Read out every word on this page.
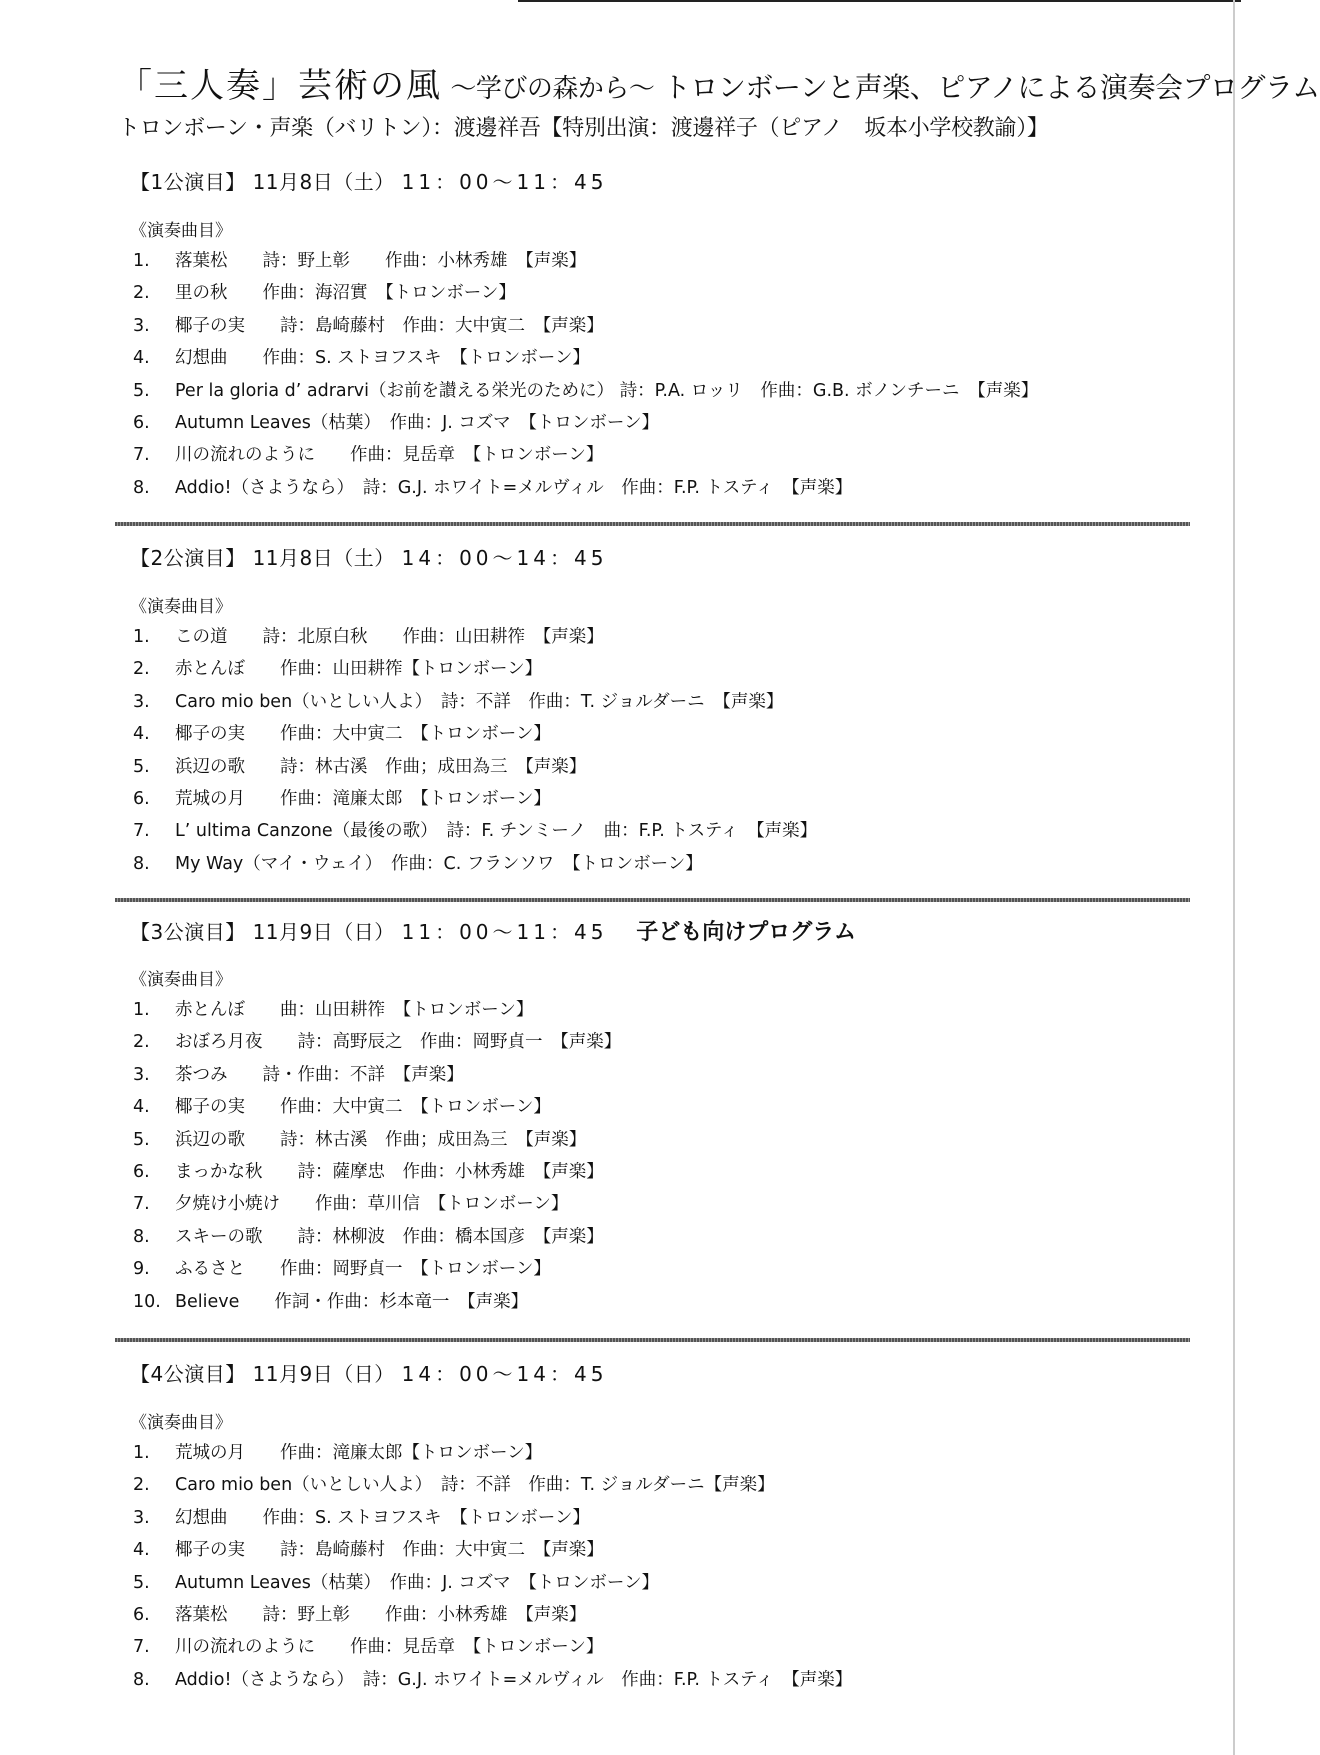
「三人奏」芸術の風 〜学びの森から〜 トロンボーンと声楽、ピアノによる演奏会プログラム
トロンボーン・声楽（バリトン）：渡邊祥吾【特別出演：渡邊祥子（ピアノ　坂本小学校教諭）】
【1公演目】 11月8日（土） 11：00〜11：45
《演奏曲目》
1. 落葉松　　詩：野上彰　　作曲：小林秀雄　【声楽】
2. 里の秋　　作曲：海沼實　【トロンボーン】
3. 椰子の実　　詩：島崎藤村　作曲：大中寅二　【声楽】
4. 幻想曲　　作曲：S. ストヨフスキ　【トロンボーン】
5. Per la gloria d’ adrarvi（お前を讃える栄光のために） 詩：P.A. ロッリ　作曲：G.B. ボノンチーニ　【声楽】
6. Autumn Leaves（枯葉）　作曲：J. コズマ　【トロンボーン】
7. 川の流れのように　　作曲：見岳章　【トロンボーン】
8. Addio!（さようなら）　詩：G.J. ホワイト=メルヴィル　作曲：F.P. トスティ　【声楽】
【2公演目】 11月8日（土） 14：00〜14：45
《演奏曲目》
1. この道　　詩：北原白秋　　作曲：山田耕筰　【声楽】
2. 赤とんぼ　　作曲：山田耕筰【トロンボーン】
3. Caro mio ben（いとしい人よ）　詩：不詳　作曲：T. ジョルダーニ　【声楽】
4. 椰子の実　　作曲：大中寅二　【トロンボーン】
5. 浜辺の歌　　詩：林古溪　作曲；成田為三　【声楽】
6. 荒城の月　　作曲：滝廉太郎　【トロンボーン】
7. L’ ultima Canzone（最後の歌）　詩：F. チンミーノ　曲：F.P. トスティ　【声楽】
8. My Way（マイ・ウェイ）　作曲：C. フランソワ　【トロンボーン】
【3公演目】 11月9日（日） 11：00〜11：45 子ども向けプログラム
《演奏曲目》
1. 赤とんぼ　　曲：山田耕筰　【トロンボーン】
2. おぼろ月夜　　詩：高野辰之　作曲：岡野貞一　【声楽】
3. 茶つみ　　詩・作曲：不詳　【声楽】
4. 椰子の実　　作曲：大中寅二　【トロンボーン】
5. 浜辺の歌　　詩：林古溪　作曲；成田為三　【声楽】
6. まっかな秋　　詩：薩摩忠　作曲：小林秀雄　【声楽】
7. 夕焼け小焼け　　作曲：草川信　【トロンボーン】
8. スキーの歌　　詩：林柳波　作曲：橋本国彦　【声楽】
9. ふるさと　　作曲：岡野貞一　【トロンボーン】
10. Believe　　作詞・作曲：杉本竜一　【声楽】
【4公演目】 11月9日（日） 14：00〜14：45
《演奏曲目》
1. 荒城の月　　作曲：滝廉太郎【トロンボーン】
2. Caro mio ben（いとしい人よ）　詩：不詳　作曲：T. ジョルダーニ【声楽】
3. 幻想曲　　作曲：S. ストヨフスキ　【トロンボーン】
4. 椰子の実　　詩：島崎藤村　作曲：大中寅二　【声楽】
5. Autumn Leaves（枯葉）　作曲：J. コズマ　【トロンボーン】
6. 落葉松　　詩：野上彰　　作曲：小林秀雄　【声楽】
7. 川の流れのように　　作曲：見岳章　【トロンボーン】
8. Addio!（さようなら）　詩：G.J. ホワイト=メルヴィル　作曲：F.P. トスティ　【声楽】
